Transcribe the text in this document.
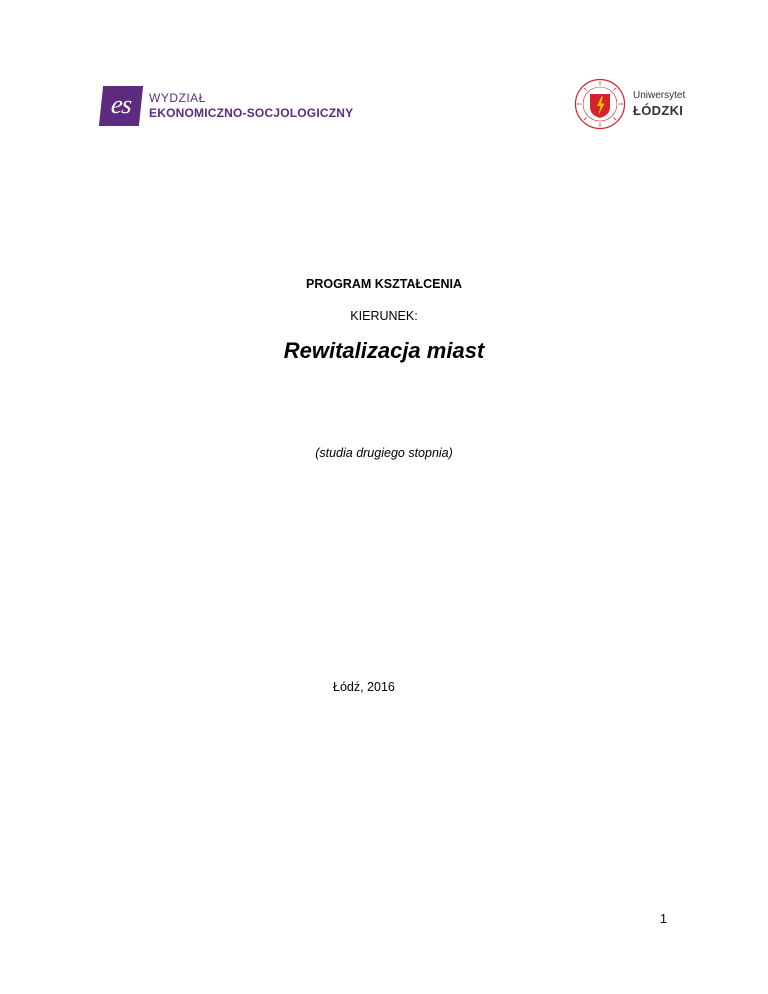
es	WYDZIAŁ
EKONOMICZNO-SOCJOLOGICZNY
Uniwersytet
ŁÓDZKI
PROGRAM KSZTAŁCENIA
KIERUNEK:
Rewitalizacja miast
(studia drugiego stopnia)
Łódź, 2016
1
